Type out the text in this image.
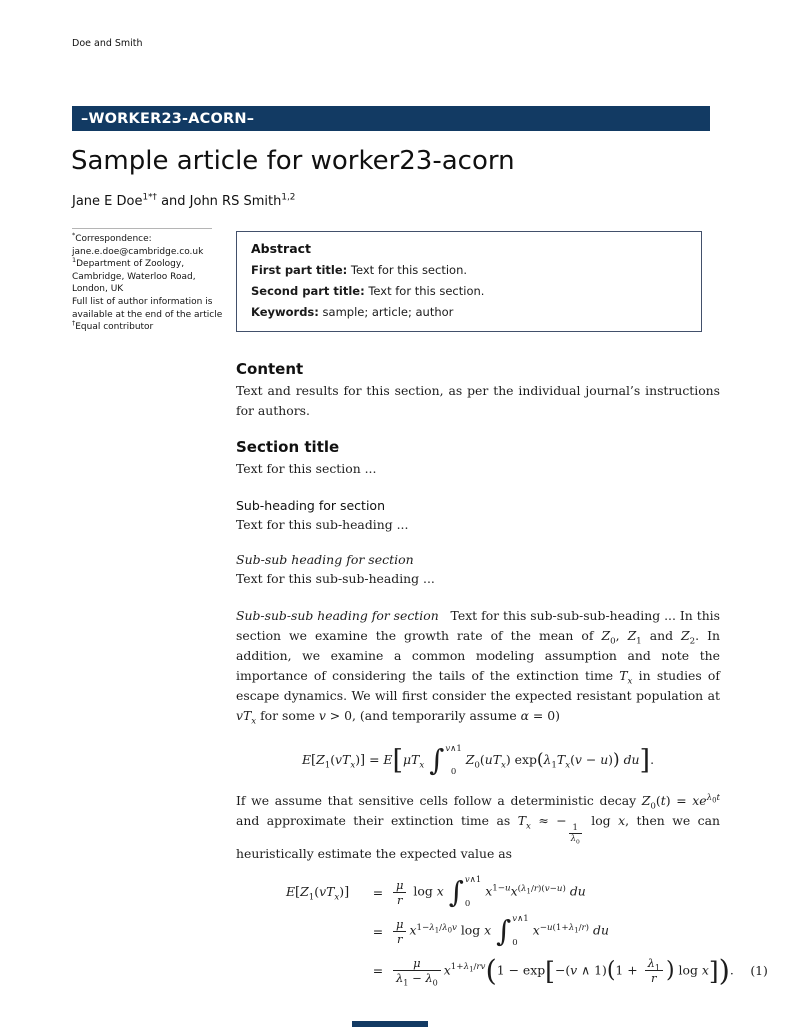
Doe and Smith
–WORKER23-ACORN–
Sample article for worker23-acorn
Jane E Doe$^{1*\dagger}$ and John RS Smith$^{1,2}$
*Correspondence:
jane.e.doe@cambridge.co.uk
$^1$Department of Zoology,
Cambridge, Waterloo Road,
London, UK
Full list of author information is
available at the end of the article
†Equal contributor
Abstract
First part title: Text for this section.
Second part title: Text for this section.
Keywords: sample; article; author
Content

Text and results for this section, as per the individual journal’s instructions for authors.

Section title

Text for this section ...

Sub-heading for section

Text for this sub-heading ...

Sub-sub heading for section

Text for this sub-sub-heading ...

Sub-sub-sub heading for section   Text for this sub-sub-sub-heading ... In this section we examine the growth rate of the mean of $Z_0$, $Z_1$ and $Z_2$. In addition, we examine a common modeling assumption and note the importance of considering the tails of the extinction time $T_x$ in studies of escape dynamics. We will first consider the expected resistant population at $vT_x$ for some v > 0, (and temporarily assume α = 0)

$E[Z_1(vT_x)] = E[\mu T_x$ ∫ v∧1
0
$Z_0(uT_x) \exp(\lambda_1T_x(v - u))$ du].

If we assume that sensitive cells follow a deterministic decay $Z_0(t) = xe^{\lambda_0t}$ and approximate their extinction time as $T_x$ ≈ −
$\frac{1}{\lambda_0}$
log x, then we can heuristically estimate the expected value as

$E[Z_1(vT_x)]$	= $\frac{\mu}{r}$ log x ∫ v∧1
0
$x^{1-u}x^{(\lambda_1/r)(v-u)}$ du
= $\frac{\mu}{r} x^{1-\lambda_1/\lambda_0v}$ log x ∫ v∧1
0
$x^{-u(1+\lambda_1/r)}$ du
= $\frac{\mu}{\lambda_1 - \lambda_0} x^{1+\lambda_1/rv}(1 - \exp[-(v$ ∧ $1)(1 + \frac{\lambda_1}{r}$ ) log x]).	(1)
